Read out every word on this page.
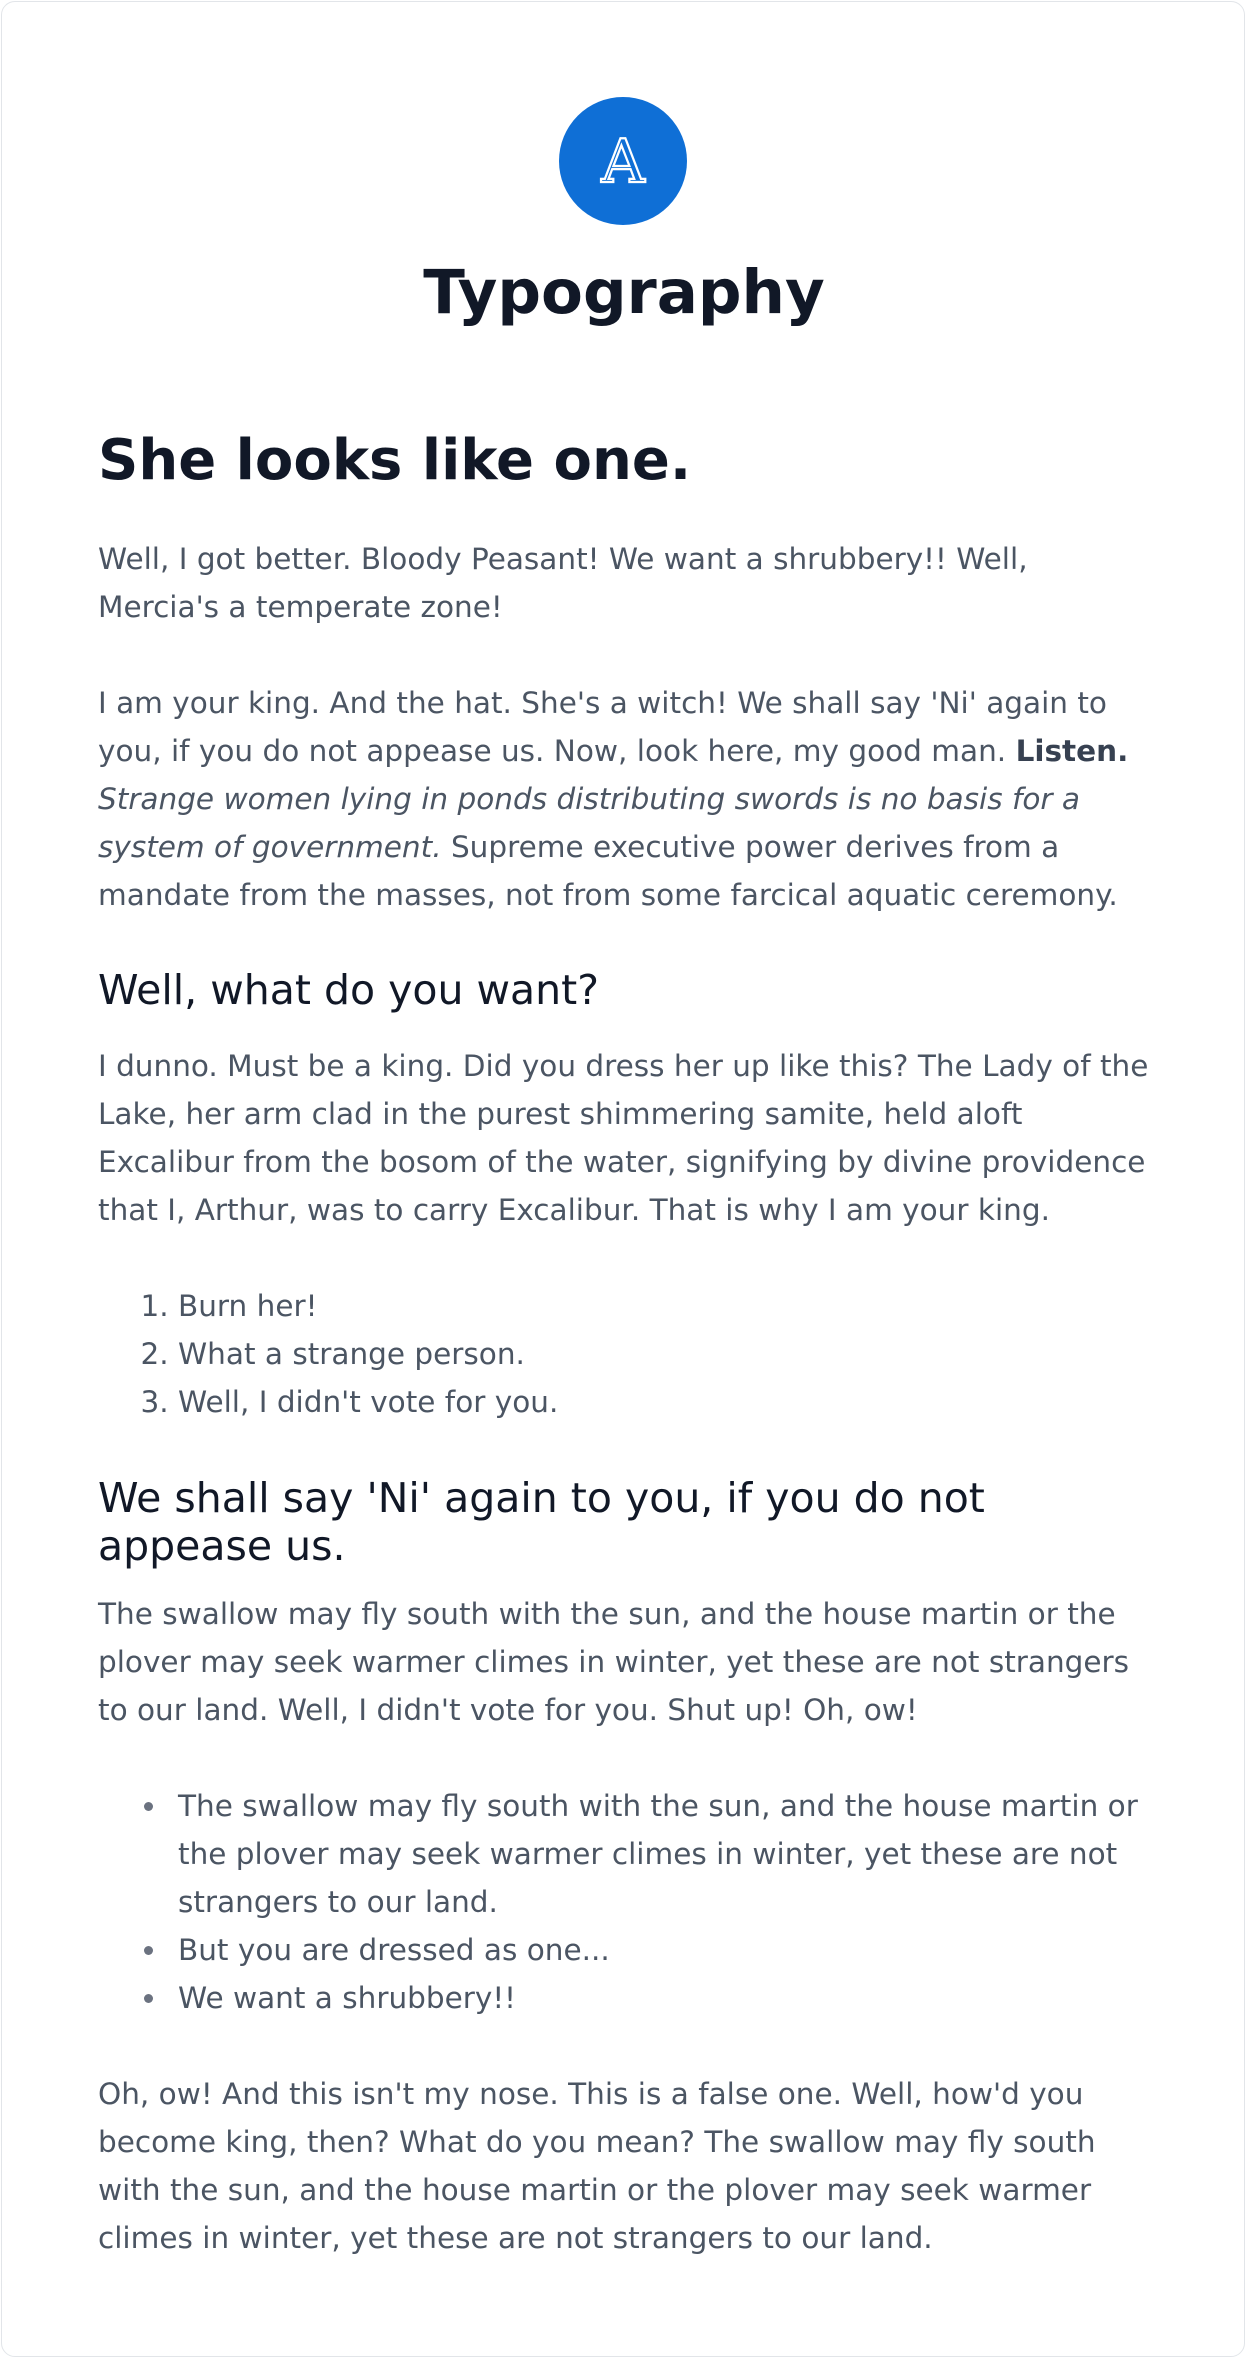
A
Typography
She looks like one.

Well, I got better. Bloody Peasant! We want a shrubbery!! Well, Mercia's a temperate zone!

I am your king. And the hat. She's a witch! We shall say 'Ni' again to you, if you do not appease us. Now, look here, my good man. Listen. Strange women lying in ponds distributing swords is no basis for a system of government. Supreme executive power derives from a mandate from the masses, not from some farcical aquatic ceremony.

Well, what do you want?

I dunno. Must be a king. Did you dress her up like this? The Lady of the Lake, her arm clad in the purest shimmering samite, held aloft Excalibur from the bosom of the water, signifying by divine providence that I, Arthur, was to carry Excalibur. That is why I am your king.

1. Burn her!
2. What a strange person.
3. Well, I didn't vote for you.
We shall say 'Ni' again to you, if you do not appease us.

The swallow may fly south with the sun, and the house martin or the plover may seek warmer climes in winter, yet these are not strangers to our land. Well, I didn't vote for you. Shut up! Oh, ow!

The swallow may fly south with the sun, and the house martin or the plover may seek warmer climes in winter, yet these are not strangers to our land.
But you are dressed as one...
We want a shrubbery!!

Oh, ow! And this isn't my nose. This is a false one. Well, how'd you become king, then? What do you mean? The swallow may fly south with the sun, and the house martin or the plover may seek warmer climes in winter, yet these are not strangers to our land.
